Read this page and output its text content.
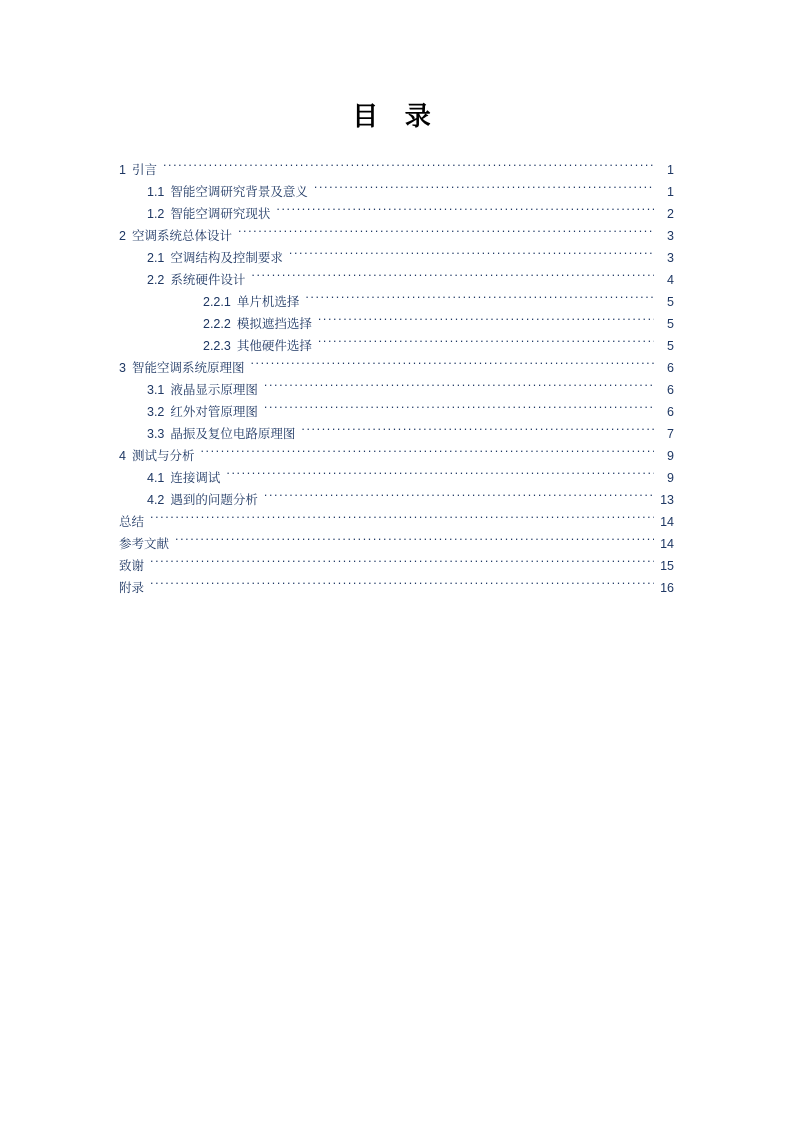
目 录
1 引言 .....	1
1.1 智能空调研究背景及意义 .....	1
1.2 智能空调研究现状 .....	2
2 空调系统总体设计 .....	3
2.1 空调结构及控制要求 .....	3
2.2 系统硬件设计 .....	4
2.2.1 单片机选择 .....	5
2.2.2 模拟遮挡选择 .....	5
2.2.3 其他硬件选择 .....	5
3 智能空调系统原理图 .....	6
3.1 液晶显示原理图 .....	6
3.2 红外对管原理图 .....	6
3.3 晶振及复位电路原理图 .....	7
4 测试与分析 .....	9
4.1 连接调试 .....	9
4.2 遇到的问题分析 .....	13
总结 .....	14
参考文献 .....	14
致谢 .....	15
附录 .....	16
